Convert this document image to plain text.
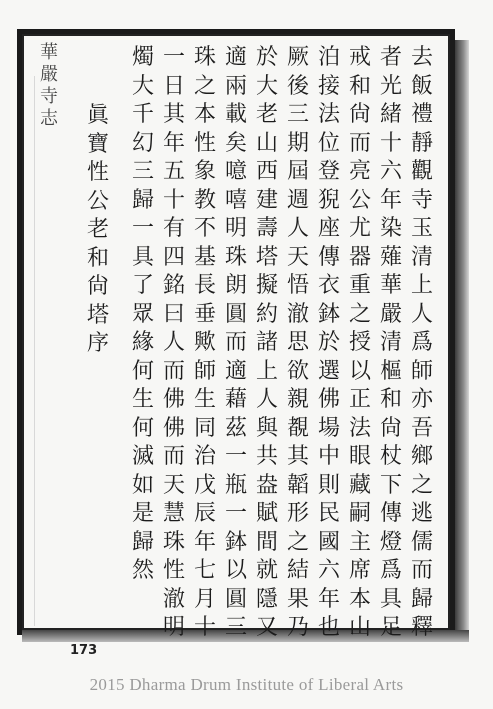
華
嚴
寺
志
去飯禮靜觀寺玉清上人爲師亦吾鄉之逃儒而歸釋
者光緒十六年染薙華嚴清樞和尙杖下傳燈爲具足
戒和尙而亮公尤器重之授以正法眼藏嗣主席本山
泊接法位登猊座傳衣鉢於選佛場中則民國六年也
厥後三期屆週人天悟澈思欲親覩其韜形之結果乃
於大老山西建壽塔擬約諸上人與共盎賦間就隱又
適兩載矣噫嘻明珠朗圓而適藉茲一瓶一鉢以圓三
珠之本性象教不基長垂歟師生同治戊辰年七月十
一日其年五十有四銘曰人而佛佛而天慧珠性澈明
燭大千幻三歸一具了眾緣何生何滅如是歸然
眞寶性公老和尙塔序
173
2015 Dharma Drum Institute of Liberal Arts
